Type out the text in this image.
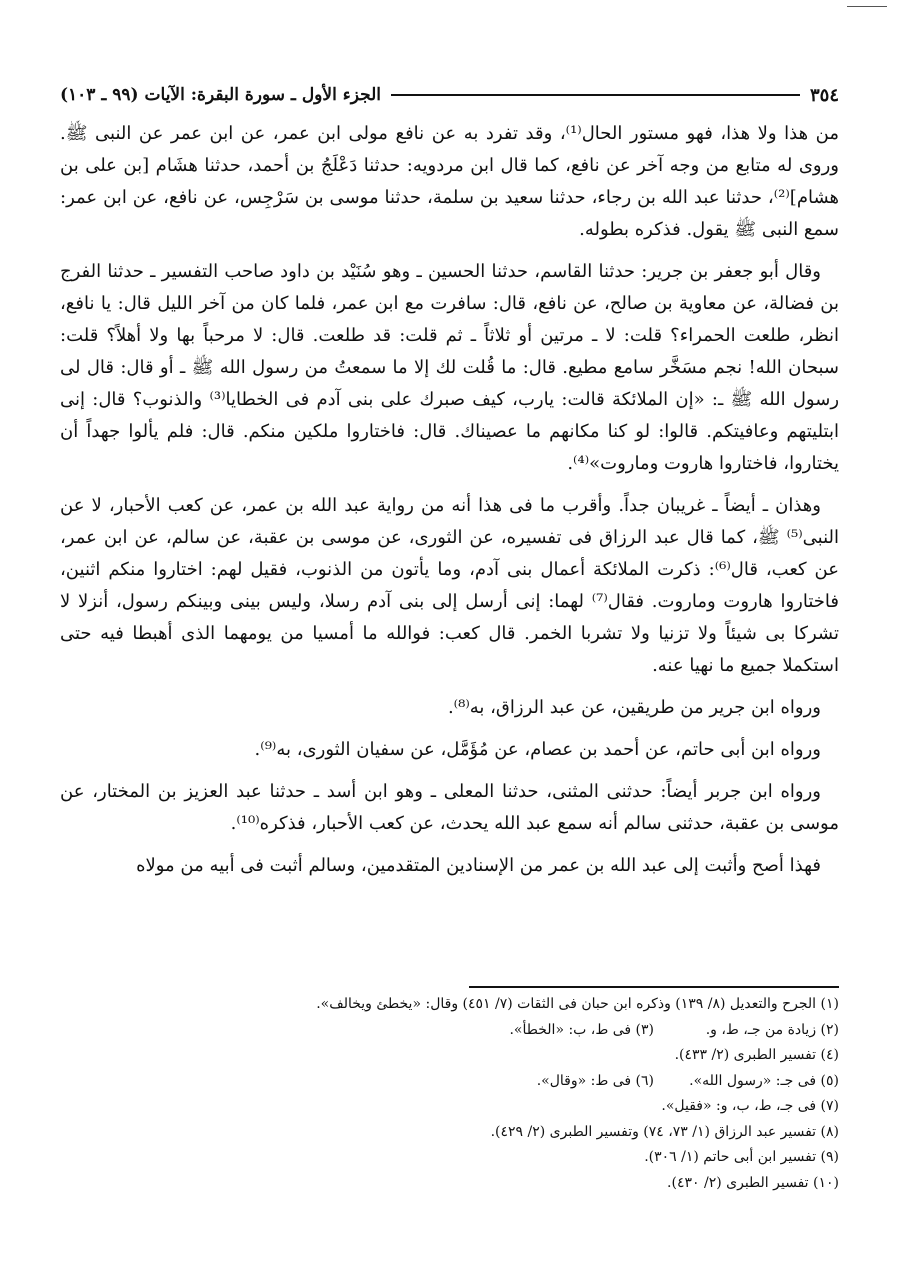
الجزء الأول ـ سورة البقرة: الآيات (٩٩ ـ ١٠٣)	٣٥٤

من هذا ولا هذا، فهو مستور الحال⁽¹⁾، وقد تفرد به عن نافع مولى ابن عمر، عن ابن عمر عن النبى ﷺ. وروى له متابع من وجه آخر عن نافع، كما قال ابن مردويه: حدثنا دَعْلَجُ بن أحمد، حدثنا هشَام [بن على بن هشام]⁽²⁾، حدثنا عبد الله بن رجاء، حدثنا سعيد بن سلمة، حدثنا موسى بن سَرْجِس، عن نافع، عن ابن عمر: سمع النبى ﷺ يقول. فذكره بطوله.

وقال أبو جعفر بن جرير: حدثنا القاسم، حدثنا الحسين ـ وهو سُنَيْد بن داود صاحب التفسير ـ حدثنا الفرج بن فضالة، عن معاوية بن صالح، عن نافع، قال: سافرت مع ابن عمر، فلما كان من آخر الليل قال: يا نافع، انظر، طلعت الحمراء؟ قلت: لا ـ مرتين أو ثلاثاً ـ ثم قلت: قد طلعت. قال: لا مرحباً بها ولا أهلاً؟ قلت: سبحان الله! نجم مسَخَّر سامع مطيع. قال: ما قُلت لك إلا ما سمعتُ من رسول الله ﷺ ـ أو قال: قال لى رسول الله ﷺ ـ: «إن الملائكة قالت: يارب، كيف صبرك على بنى آدم فى الخطايا⁽³⁾ والذنوب؟ قال: إنى ابتليتهم وعافيتكم. قالوا: لو كنا مكانهم ما عصيناك. قال: فاختاروا ملكين منكم. قال: فلم يألوا جهداً أن يختاروا، فاختاروا هاروت وماروت»⁽⁴⁾.

وهذان ـ أيضاً ـ غريبان جداً. وأقرب ما فى هذا أنه من رواية عبد الله بن عمر، عن كعب الأحبار، لا عن النبى⁽⁵⁾ ﷺ، كما قال عبد الرزاق فى تفسيره، عن الثورى، عن موسى بن عقبة، عن سالم، عن ابن عمر، عن كعب، قال⁽⁶⁾: ذكرت الملائكة أعمال بنى آدم، وما يأتون من الذنوب، فقيل لهم: اختاروا منكم اثنين، فاختاروا هاروت وماروت. فقال⁽⁷⁾ لهما: إنى أرسل إلى بنى آدم رسلا، وليس بينى وبينكم رسول، أنزلا لا تشركا بى شيئاً ولا تزنيا ولا تشربا الخمر. قال كعب: فوالله ما أمسيا من يومهما الذى أهبطا فيه حتى استكملا جميع ما نهيا عنه.

ورواه ابن جرير من طريقين، عن عبد الرزاق، به⁽⁸⁾.

ورواه ابن أبى حاتم، عن أحمد بن عصام، عن مُؤَمَّل، عن سفيان الثورى، به⁽⁹⁾.

ورواه ابن جربر أيضاً: حدثنى المثنى، حدثنا المعلى ـ وهو ابن أسد ـ حدثنا عبد العزيز بن المختار، عن موسى بن عقبة، حدثنى سالم أنه سمع عبد الله يحدث، عن كعب الأحبار، فذكره⁽¹⁰⁾.

فهذا أصح وأثبت إلى عبد الله بن عمر من الإسنادين المتقدمين، وسالم أثبت فى أبيه من مولاه

(١) الجرح والتعديل (٨/ ١٣٩) وذكره ابن حبان فى الثقات (٧/ ٤٥١) وقال: «يخطئ ويخالف».
(٢) زيادة من جـ، ط، و.
(٣) فى ط، ب: «الخطأ».
(٤) تفسير الطبرى (٢/ ٤٣٣).
(٥) فى جـ: «رسول الله».
(٦) فى ط: «وقال».
(٧) فى جـ، ط، ب، و: «فقيل».
(٨) تفسير عبد الرزاق (١/ ٧٣، ٧٤) وتفسير الطبرى (٢/ ٤٢٩).
(٩) تفسير ابن أبى حاتم (١/ ٣٠٦).
(١٠) تفسير الطبرى (٢/ ٤٣٠).
